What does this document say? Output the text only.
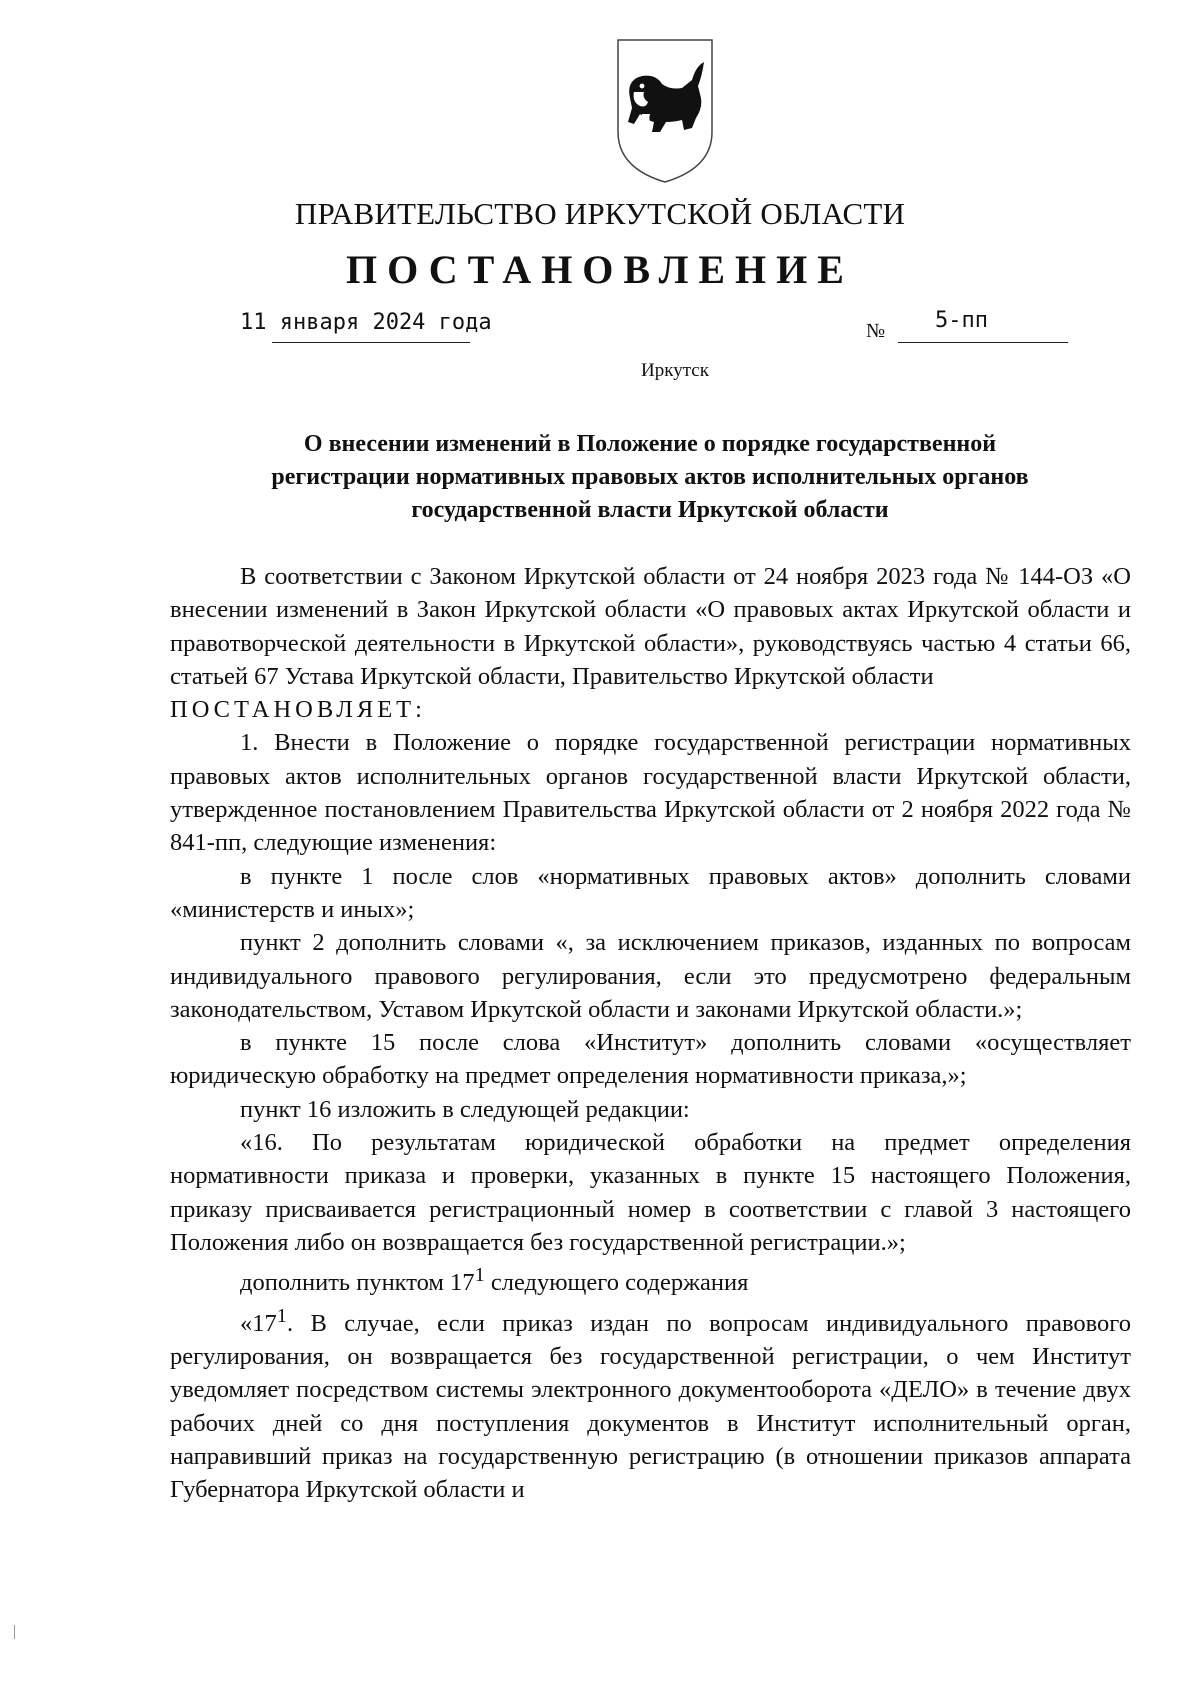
ПРАВИТЕЛЬСТВО ИРКУТСКОЙ ОБЛАСТИ
ПОСТАНОВЛЕНИЕ
11 января 2024 года	№ 5-пп
Иркутск
О внесении изменений в Положение о порядке государственной
регистрации нормативных правовых актов исполнительных органов
государственной власти Иркутской области

В соответствии с Законом Иркутской области от 24 ноября 2023 года № 144-ОЗ «О внесении изменений в Закон Иркутской области «О правовых актах Иркутской области и правотворческой деятельности в Иркутской области», руководствуясь частью 4 статьи 66, статьей 67 Устава Иркутской области, Правительство Иркутской области

ПОСТАНОВЛЯЕТ:

1. Внести в Положение о порядке государственной регистрации нормативных правовых актов исполнительных органов государственной власти Иркутской области, утвержденное постановлением Правительства Иркутской области от 2 ноября 2022 года № 841-пп, следующие изменения:

в пункте 1 после слов «нормативных правовых актов» дополнить словами «министерств и иных»;

пункт 2 дополнить словами «, за исключением приказов, изданных по вопросам индивидуального правового регулирования, если это предусмотрено федеральным законодательством, Уставом Иркутской области и законами Иркутской области.»;

в пункте 15 после слова «Институт» дополнить словами «осуществляет юридическую обработку на предмет определения нормативности приказа,»;

пункт 16 изложить в следующей редакции:

«16. По результатам юридической обработки на предмет определения нормативности приказа и проверки, указанных в пункте 15 настоящего Положения, приказу присваивается регистрационный номер в соответствии с главой 3 настоящего Положения либо он возвращается без государственной регистрации.»;

дополнить пунктом $17^1$ следующего содержания

«$17^1$. В случае, если приказ издан по вопросам индивидуального правового регулирования, он возвращается без государственной регистрации, о чем Институт уведомляет посредством системы электронного документооборота «ДЕЛО» в течение двух рабочих дней со дня поступления документов в Институт исполнительный орган, направивший приказ на государственную регистрацию (в отношении приказов аппарата Губернатора Иркутской области и
